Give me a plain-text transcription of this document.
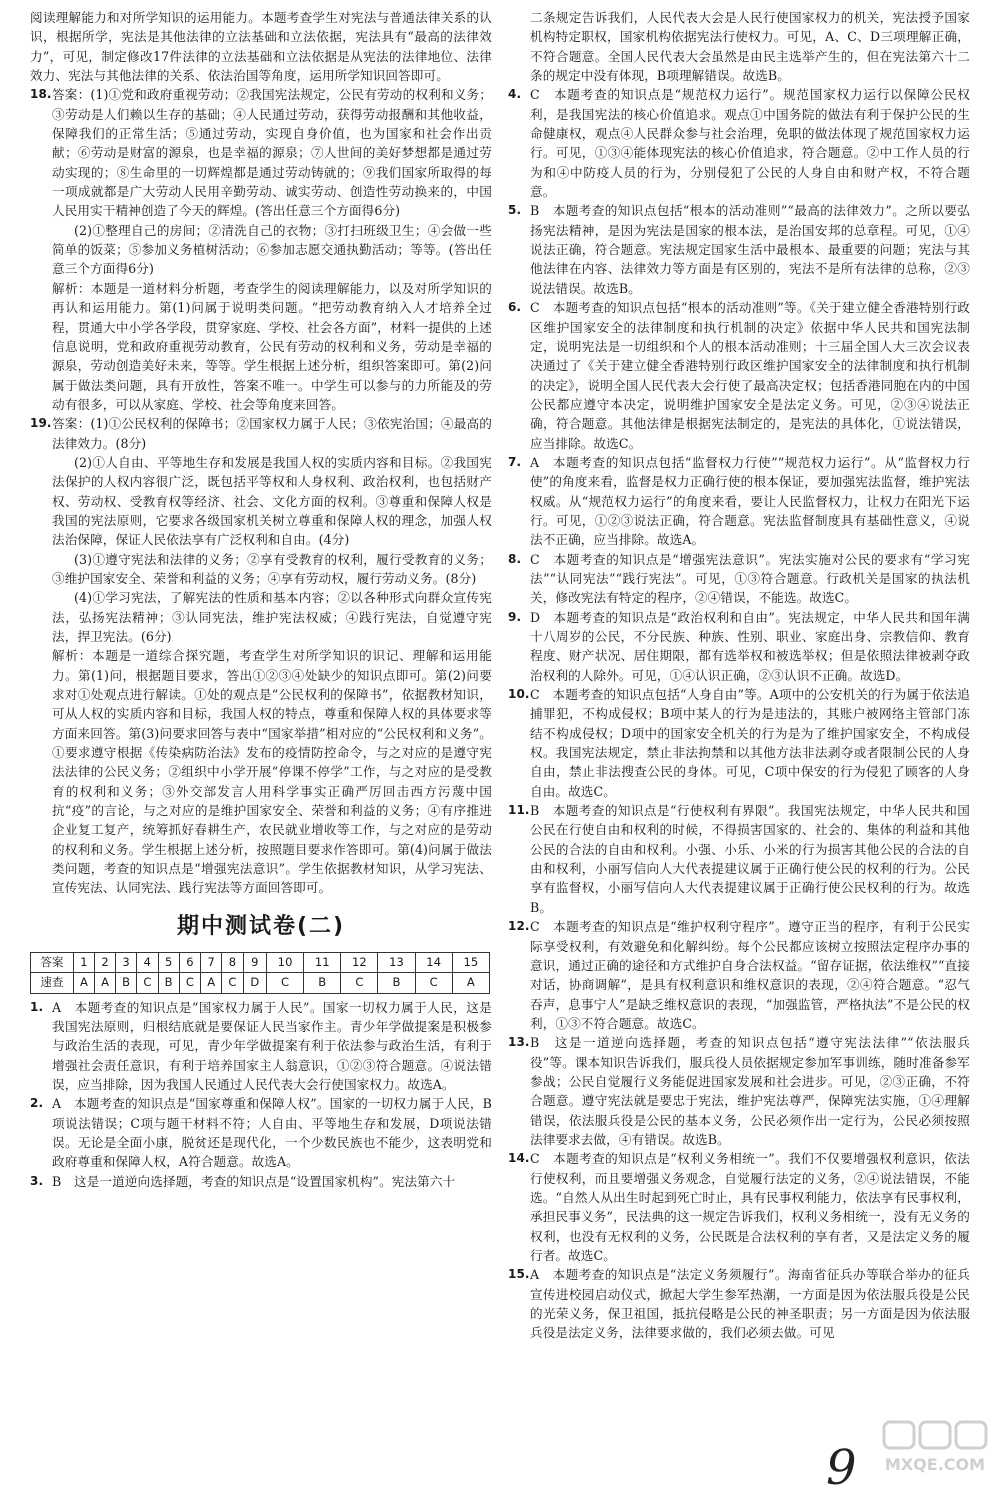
阅读理解能力和对所学知识的运用能力。本题考查学生对宪法与普通法律关系的认识，根据所学，宪法是其他法律的立法基础和立法依据，宪法具有“最高的法律效力”，可见，制定修改17件法律的立法基础和立法依据是从宪法的法律地位、法律效力、宪法与其他法律的关系、依法治国等角度，运用所学知识回答即可。

18. 答案：(1)①党和政府重视劳动；②我国宪法规定，公民有劳动的权利和义务；③劳动是人们赖以生存的基础；④人民通过劳动，获得劳动报酬和其他收益，保障我们的正常生活；⑤通过劳动，实现自身价值，也为国家和社会作出贡献；⑥劳动是财富的源泉，也是幸福的源泉；⑦人世间的美好梦想都是通过劳动实现的；⑧生命里的一切辉煌都是通过劳动铸就的；⑨我们国家所取得的每一项成就都是广大劳动人民用辛勤劳动、诚实劳动、创造性劳动换来的，中国人民用实干精神创造了今天的辉煌。(答出任意三个方面得6分)

(2)①整理自己的房间；②清洗自己的衣物；③打扫班级卫生；④会做一些简单的饭菜；⑤参加义务植树活动；⑥参加志愿交通执勤活动；等等。(答出任意三个方面得6分)

解析：本题是一道材料分析题，考查学生的阅读理解能力，以及对所学知识的再认和运用能力。第(1)问属于说明类问题。“把劳动教育纳入人才培养全过程，贯通大中小学各学段，贯穿家庭、学校、社会各方面”，材料一提供的上述信息说明，党和政府重视劳动教育，公民有劳动的权利和义务，劳动是幸福的源泉，劳动创造美好未来，等等。学生根据上述分析，组织答案即可。第(2)问属于做法类问题，具有开放性，答案不唯一。中学生可以参与的力所能及的劳动有很多，可以从家庭、学校、社会等角度来回答。

19. 答案：(1)①公民权利的保障书；②国家权力属于人民；③依宪治国；④最高的法律效力。(8分)

(2)①人自由、平等地生存和发展是我国人权的实质内容和目标。②我国宪法保护的人权内容很广泛，既包括平等权和人身权利、政治权利，也包括财产权、劳动权、受教育权等经济、社会、文化方面的权利。③尊重和保障人权是我国的宪法原则，它要求各级国家机关树立尊重和保障人权的理念，加强人权法治保障，保证人民依法享有广泛权利和自由。(4分)

(3)①遵守宪法和法律的义务；②享有受教育的权利，履行受教育的义务；③维护国家安全、荣誉和利益的义务；④享有劳动权，履行劳动义务。(8分)

(4)①学习宪法，了解宪法的性质和基本内容；②以各种形式向群众宣传宪法，弘扬宪法精神；③认同宪法，维护宪法权威；④践行宪法，自觉遵守宪法，捍卫宪法。(6分)

解析：本题是一道综合探究题，考查学生对所学知识的识记、理解和运用能力。第(1)问，根据题目要求，答出①②③④处缺少的知识点即可。第(2)问要求对①处观点进行解读。①处的观点是“公民权利的保障书”，依据教材知识，可从人权的实质内容和目标，我国人权的特点，尊重和保障人权的具体要求等方面来回答。第(3)问要求回答与表中“国家举措”相对应的“公民权利和义务”。①要求遵守根据《传染病防治法》发布的疫情防控命令，与之对应的是遵守宪法法律的公民义务；②组织中小学开展“停课不停学”工作，与之对应的是受教育的权利和义务；③外交部发言人用科学事实正确严厉回击西方污蔑中国抗“疫”的言论，与之对应的是维护国家安全、荣誉和利益的义务；④有序推进企业复工复产，统筹抓好春耕生产，农民就业增收等工作，与之对应的是劳动的权利和义务。学生根据上述分析，按照题目要求作答即可。第(4)问属于做法类问题，考查的知识点是“增强宪法意识”。学生依据教材知识，从学习宪法、宣传宪法、认同宪法、践行宪法等方面回答即可。

期中测试卷(二)
答案	1	2	3	4	5	6	7	8	9	10	11	12	13	14	15
速查	A	A	B	C	B	C	A	C	D	C	B	C	B	C	A
1. A　本题考查的知识点是“国家权力属于人民”。国家一切权力属于人民，这是我国宪法原则，归根结底就是要保证人民当家作主。青少年学做提案是积极参与政治生活的表现，可见，青少年学做提案有利于依法参与政治生活，有利于增强社会责任意识，有利于培养国家主人翁意识，①②③符合题意。④说法错误，应当排除，因为我国人民通过人民代表大会行使国家权力。故选A。

2. A　本题考查的知识点是“国家尊重和保障人权”。国家的一切权力属于人民，B项说法错误；C项与题干材料不符；人自由、平等地生存和发展，D项说法错误。无论是全面小康，脱贫还是现代化，一个少数民族也不能少，这表明党和政府尊重和保障人权，A符合题意。故选A。

3. B　这是一道逆向选择题，考查的知识点是“设置国家机构”。宪法第六十

二条规定告诉我们，人民代表大会是人民行使国家权力的机关，宪法授予国家机构特定职权，国家机构依据宪法行使权力。可见，A、C、D三项理解正确，不符合题意。全国人民代表大会虽然是由民主选举产生的，但在宪法第六十二条的规定中没有体现，B项理解错误。故选B。

4. C　本题考查的知识点是“规范权力运行”。规范国家权力运行以保障公民权利，是我国宪法的核心价值追求。观点①中国务院的做法有利于保护公民的生命健康权，观点④人民群众参与社会治理，免职的做法体现了规范国家权力运行。可见，①③④能体现宪法的核心价值追求，符合题意。②中工作人员的行为和④中防疫人员的行为，分别侵犯了公民的人身自由和财产权，不符合题意。

5. B　本题考查的知识点包括“根本的活动准则”“最高的法律效力”。之所以要弘扬宪法精神，是因为宪法是国家的根本法，是治国安邦的总章程。可见，①④说法正确，符合题意。宪法规定国家生活中最根本、最重要的问题；宪法与其他法律在内容、法律效力等方面是有区别的，宪法不是所有法律的总称，②③说法错误。故选B。

6. C　本题考查的知识点包括“根本的活动准则”等。《关于建立健全香港特别行政区维护国家安全的法律制度和执行机制的决定》依据中华人民共和国宪法制定，说明宪法是一切组织和个人的根本活动准则；十三届全国人大三次会议表决通过了《关于建立健全香港特别行政区维护国家安全的法律制度和执行机制的决定》，说明全国人民代表大会行使了最高决定权；包括香港同胞在内的中国公民都应遵守本决定，说明维护国家安全是法定义务。可见，②③④说法正确，符合题意。其他法律是根据宪法制定的，是宪法的具体化，①说法错误，应当排除。故选C。

7. A　本题考查的知识点包括“监督权力行使”“规范权力运行”。从“监督权力行使”的角度来看，监督是权力正确行使的根本保证，要加强宪法监督，维护宪法权威。从“规范权力运行”的角度来看，要让人民监督权力，让权力在阳光下运行。可见，①②③说法正确，符合题意。宪法监督制度具有基础性意义，④说法不正确，应当排除。故选A。

8. C　本题考查的知识点是“增强宪法意识”。宪法实施对公民的要求有“学习宪法”“认同宪法”“践行宪法”。可见，①③符合题意。行政机关是国家的执法机关，修改宪法有特定的程序，②④错误，不能选。故选C。

9. D　本题考查的知识点是“政治权利和自由”。宪法规定，中华人民共和国年满十八周岁的公民，不分民族、种族、性别、职业、家庭出身、宗教信仰、教育程度、财产状况、居住期限，都有选举权和被选举权；但是依照法律被剥夺政治权利的人除外。可见，①④认识正确，②③认识不正确。故选D。

10. C　本题考查的知识点包括“人身自由”等。A项中的公安机关的行为属于依法追捕罪犯，不构成侵权；B项中某人的行为是违法的，其账户被网络主管部门冻结不构成侵权；D项中的国家安全机关的行为是为了维护国家安全，不构成侵权。我国宪法规定，禁止非法拘禁和以其他方法非法剥夺或者限制公民的人身自由，禁止非法搜查公民的身体。可见，C项中保安的行为侵犯了顾客的人身自由。故选C。

11. B　本题考查的知识点是“行使权利有界限”。我国宪法规定，中华人民共和国公民在行使自由和权利的时候，不得损害国家的、社会的、集体的利益和其他公民的合法的自由和权利。小强、小乐、小米的行为损害其他公民的合法的自由和权利，小丽写信向人大代表提建议属于正确行使公民的权利的行为。公民享有监督权，小丽写信向人大代表提建议属于正确行使公民权利的行为。故选B。

12. C　本题考查的知识点是“维护权利守程序”。遵守正当的程序，有利于公民实际享受权利，有效避免和化解纠纷。每个公民都应该树立按照法定程序办事的意识，通过正确的途径和方式维护自身合法权益。“留存证据，依法维权”“直接对话，协商调解”，是具有权利意识和维权意识的表现，②④符合题意。“忍气吞声，息事宁人”是缺乏维权意识的表现，“加强监管，严格执法”不是公民的权利，①③不符合题意。故选C。

13. B　这是一道逆向选择题，考查的知识点包括“遵守宪法法律”“依法服兵役”等。课本知识告诉我们，服兵役人员依据规定参加军事训练，随时准备参军参战；公民自觉履行义务能促进国家发展和社会进步。可见，②③正确，不符合题意。遵守宪法就是要忠于宪法，维护宪法尊严，保障宪法实施，①④理解错误，依法服兵役是公民的基本义务，公民必须作出一定行为，公民必须按照法律要求去做，④有错误。故选B。

14. C　本题考查的知识点是“权利义务相统一”。我们不仅要增强权利意识，依法行使权利，而且要增强义务观念，自觉履行法定的义务，②④说法错误，不能选。“自然人从出生时起到死亡时止，具有民事权利能力，依法享有民事权利，承担民事义务”，民法典的这一规定告诉我们，权利义务相统一，没有无义务的权利，也没有无权利的义务，公民既是合法权利的享有者，又是法定义务的履行者。故选C。

15. A　本题考查的知识点是“法定义务须履行”。海南省征兵办等联合举办的征兵宣传进校园启动仪式，掀起大学生参军热潮，一方面是因为依法服兵役是公民的光荣义务，保卫祖国，抵抗侵略是公民的神圣职责；另一方面是因为依法服兵役是法定义务，法律要求做的，我们必须去做。可见

9 MXQE.COM
